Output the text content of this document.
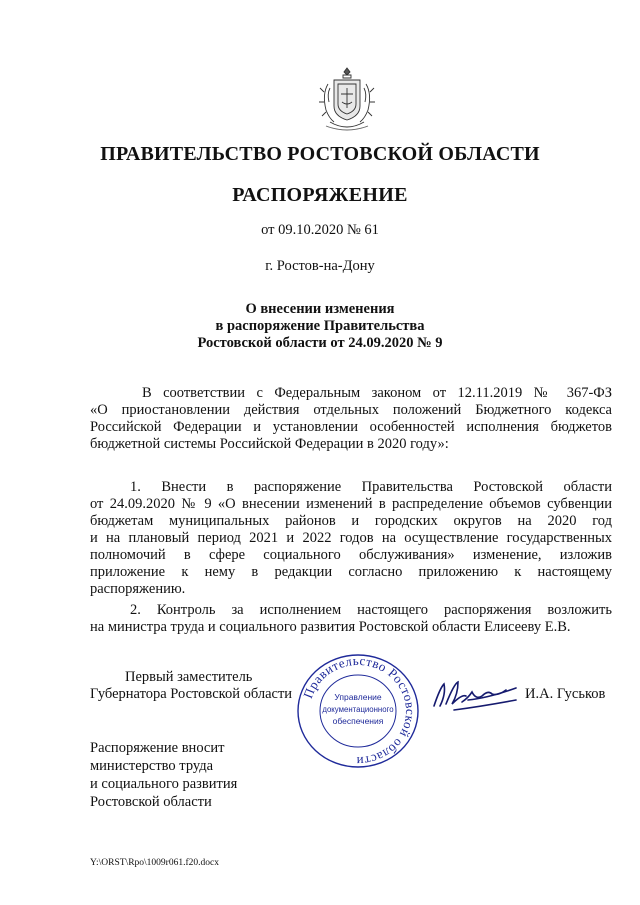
ПРАВИТЕЛЬСТВО РОСТОВСКОЙ ОБЛАСТИ
РАСПОРЯЖЕНИЕ
от 09.10.2020 № 61
г. Ростов-на-Дону
О внесении изменения
в распоряжение Правительства
Ростовской области от 24.09.2020 № 9
В соответствии с Федеральным законом от 12.11.2019 № 367-ФЗ
«О приостановлении действия отдельных положений Бюджетного кодекса
Российской Федерации и установлении особенностей исполнения бюджетов
бюджетной системы Российской Федерации в 2020 году»:
1. Внести в распоряжение Правительства Ростовской области
от 24.09.2020 № 9 «О внесении изменений в распределение объемов субвенции
бюджетам муниципальных районов и городских округов на 2020 год
и на плановый период 2021 и 2022 годов на осуществление государственных
полномочий в сфере социального обслуживания» изменение, изложив
приложение к нему в редакции согласно приложению к настоящему
распоряжению.
2. Контроль за исполнением настоящего распоряжения возложить
на министра труда и социального развития Ростовской области Елисееву Е.В.
Правительство Ростовской области
Управление
документационного
обеспечения
Первый заместитель
Губернатора Ростовской области	И.А. Гуськов
Распоряжение вносит
министерство труда
и социального развития
Ростовской области
Y:\ORST\Rpo\1009r061.f20.docx
